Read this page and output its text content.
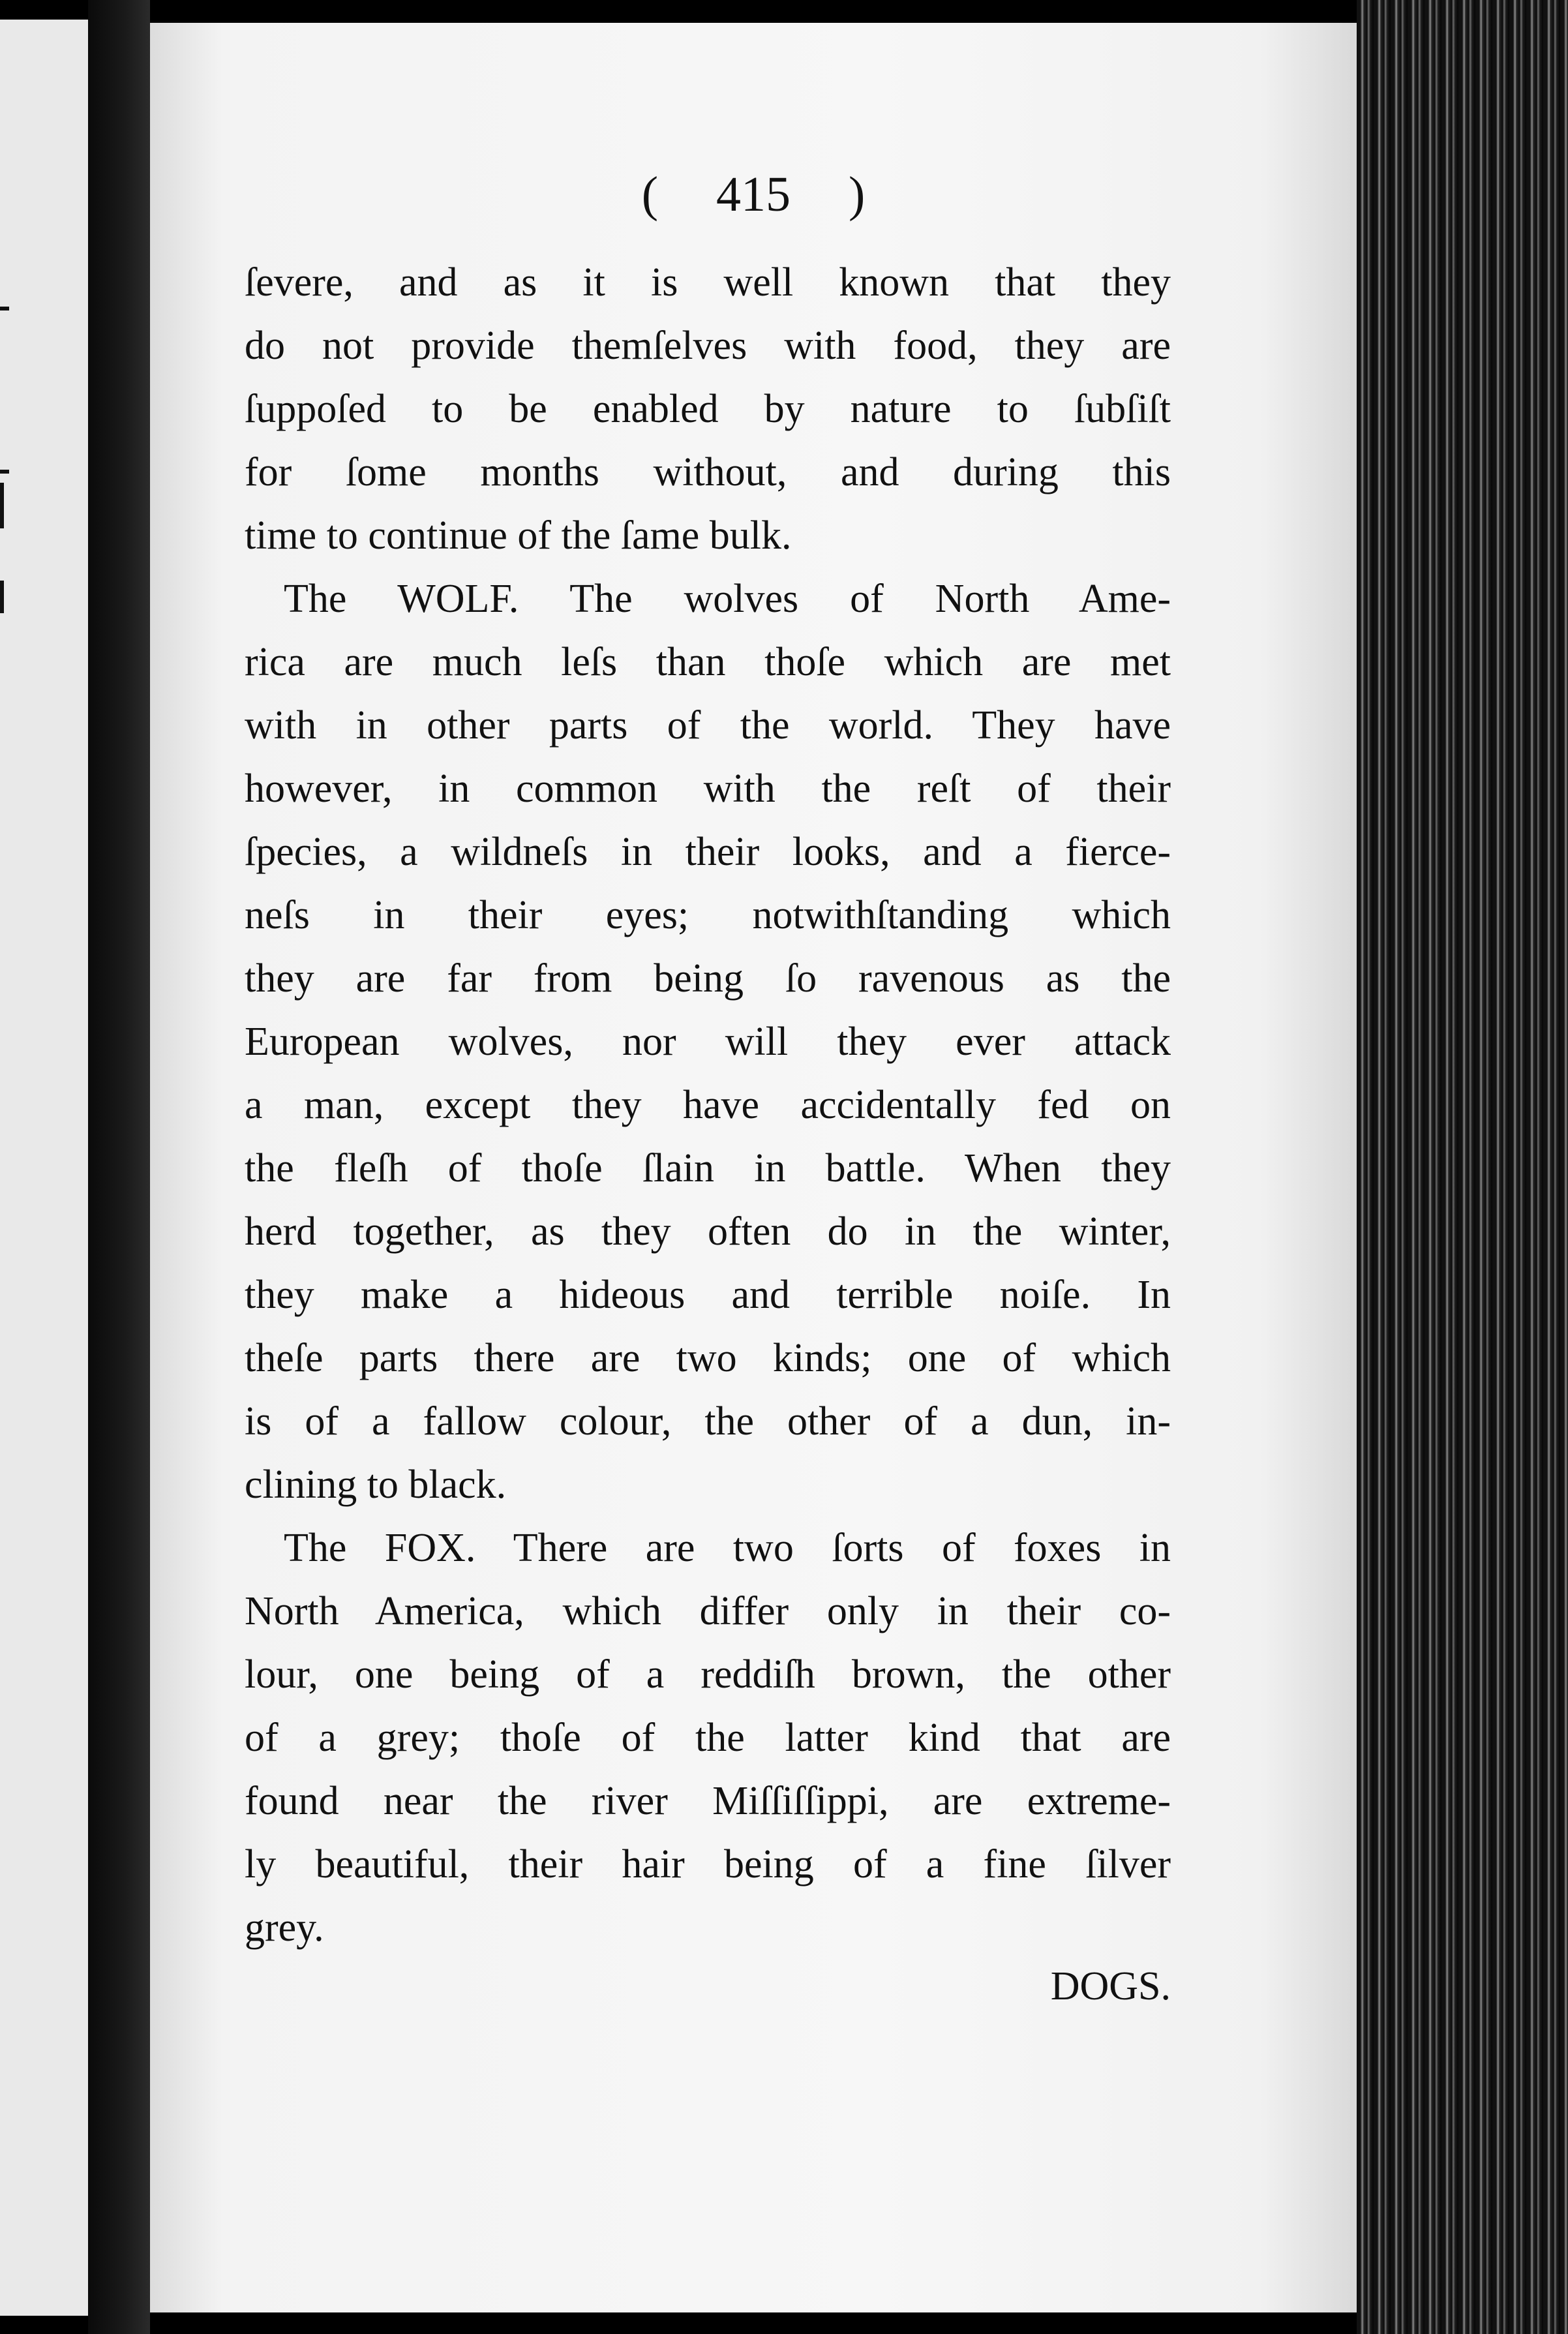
( 415 )
ſevere, and as it is well known that they
do not provide themſelves with food, they are
ſuppoſed to be enabled by nature to ſubſiſt
for ſome months without, and during this
time to continue of the ſame bulk.
The WOLF. The wolves of North Ame-
rica are much leſs than thoſe which are met
with in other parts of the world. They have
however, in common with the reſt of their
ſpecies, a wildneſs in their looks, and a fierce-
neſs in their eyes; notwithſtanding which
they are far from being ſo ravenous as the
European wolves, nor will they ever attack
a man, except they have accidentally fed on
the fleſh of thoſe ſlain in battle. When they
herd together, as they often do in the winter,
they make a hideous and terrible noiſe. In
theſe parts there are two kinds; one of which
is of a fallow colour, the other of a dun, in-
clining to black.
The FOX. There are two ſorts of foxes in
North America, which differ only in their co-
lour, one being of a reddiſh brown, the other
of a grey; thoſe of the latter kind that are
found near the river Miſſiſſippi, are extreme-
ly beautiful, their hair being of a fine ſilver
grey.
DOGS.
